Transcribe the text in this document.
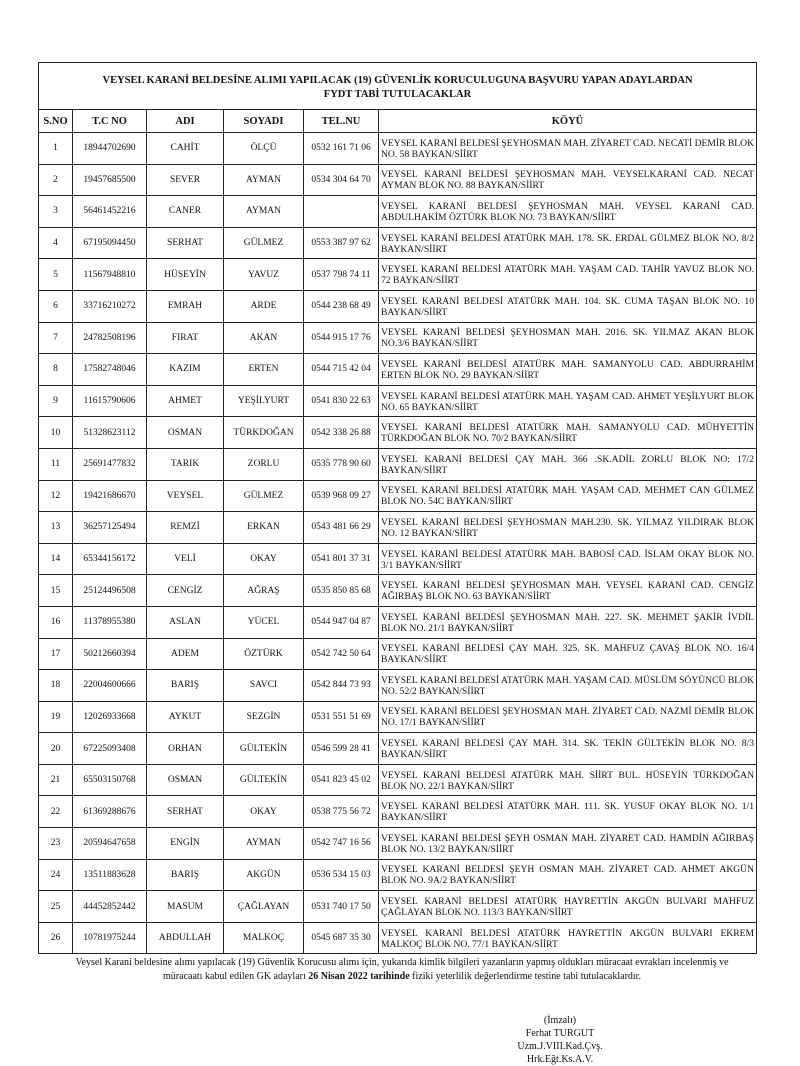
VEYSEL KARANİ BELDESİNE ALIMI YAPILACAK (19) GÜVENLİK KORUCULUGUNA BAŞVURU YAPAN ADAYLARDAN
FYDT TABİ TUTULACAKLAR					

S.NO	T.C NO	ADI	SOYADI	TEL.NU	KÖYÜ
1	18944702690	CAHİT	ÖLÇÜ	0532 161 71 06	VEYSEL KARANİ BELDESİ ŞEYHOSMAN MAH. ZİYARET CAD. NECATİ DEMİR BLOK NO. 58 BAYKAN/SİİRT
2	19457685500	SEVER	AYMAN	0534 304 64 70	VEYSEL KARANİ BELDESİ ŞEYHOSMAN MAH. VEYSELKARANİ CAD. NECAT AYMAN BLOK NO. 88 BAYKAN/SİİRT
3	56461452216	CANER	AYMAN		VEYSEL KARANİ BELDESİ ŞEYHOSMAN MAH. VEYSEL KARANİ CAD. ABDULHAKİM ÖZTÜRK BLOK NO. 73 BAYKAN/SİİRT
4	67195094450	SERHAT	GÜLMEZ	0553 387 97 62	VEYSEL KARANİ BELDESİ ATATÜRK MAH. 178. SK. ERDAL GÜLMEZ BLOK NO. 8/2 BAYKAN/SİİRT
5	11567948810	HÜSEYİN	YAVUZ	0537 798 74 11	VEYSEL KARANİ BELDESİ ATATÜRK MAH. YAŞAM CAD. TAHİR YAVUZ BLOK NO. 72 BAYKAN/SİİRT
6	33716210272	EMRAH	ARDE	0544 238 68 49	VEYSEL KARANİ BELDESİ ATATÜRK MAH. 104. SK. CUMA TAŞAN BLOK NO. 10 BAYKAN/SİİRT
7	24782508196	FIRAT	AKAN	0544 915 17 76	VEYSEL KARANİ BELDESİ ŞEYHOSMAN MAH. 2016. SK. YILMAZ AKAN BLOK NO.3/6 BAYKAN/SİİRT
8	17582748046	KAZIM	ERTEN	0544 715 42 04	VEYSEL KARANİ BELDESİ ATATÜRK MAH. SAMANYOLU CAD. ABDURRAHİM ERTEN BLOK NO. 29 BAYKAN/SİİRT
9	11615790606	AHMET	YEŞİLYURT	0541 830 22 63	VEYSEL KARANİ BELDESİ ATATÜRK MAH. YAŞAM CAD. AHMET YEŞİLYURT BLOK NO. 65 BAYKAN/SİİRT
10	51328623112	OSMAN	TÜRKDOĞAN	0542 338 26 88	VEYSEL KARANİ BELDESİ ATATÜRK MAH. SAMANYOLU CAD. MÜHYETTİN TÜRKDOĞAN BLOK NO. 70/2 BAYKAN/SİİRT
11	25691477832	TARIK	ZORLU	0535 778 90 60	VEYSEL KARANİ BELDESİ ÇAY MAH. 366 .SK.ADİL ZORLU BLOK NO: 17/2 BAYKAN/SİİRT
12	19421686670	VEYSEL	GÜLMEZ	0539 968 09 27	VEYSEL KARANİ BELDESİ ATATÜRK MAH. YAŞAM CAD. MEHMET CAN GÜLMEZ BLOK NO. 54C BAYKAN/SİİRT
13	36257125494	REMZİ	ERKAN	0543 481 66 29	VEYSEL KARANİ BELDESİ ŞEYHOSMAN MAH.230. SK. YILMAZ YILDIRAK BLOK NO. 12 BAYKAN/SİİRT
14	65344156172	VELİ	OKAY	0541 801 37 31	VEYSEL KARANİ BELDESİ ATATÜRK MAH. BABOSİ CAD. İSLAM OKAY BLOK NO. 3/1 BAYKAN/SİİRT
15	25124496508	CENGİZ	AĞRAŞ	0535 850 85 68	VEYSEL KARANİ BELDESİ ŞEYHOSMAN MAH. VEYSEL KARANİ CAD. CENGİZ AĞIRBAŞ BLOK NO. 63 BAYKAN/SİİRT
16	11378955380	ASLAN	YÜCEL	0544 947 04 87	VEYSEL KARANİ BELDESİ ŞEYHOSMAN MAH. 227. SK. MEHMET ŞAKİR İVDİL BLOK NO. 21/1 BAYKAN/SİİRT
17	50212660394	ADEM	ÖZTÜRK	0542 742 50 64	VEYSEL KARANİ BELDESİ ÇAY MAH. 325. SK. MAHFUZ ÇAVAŞ BLOK NO. 16/4 BAYKAN/SİİRT
18	22004600666	BARIŞ	SAVCI	0542 844 73 93	VEYSEL KARANİ BELDESİ ATATÜRK MAH. YAŞAM CAD. MÜSLÜM SÖYÜNCÜ BLOK NO. 52/2 BAYKAN/SİİRT
19	12026933668	AYKUT	SEZGİN	0531 551 51 69	VEYSEL KARANİ BELDESİ ŞEYHOSMAN MAH. ZİYARET CAD. NAZMİ DEMİR BLOK NO. 17/1 BAYKAN/SİİRT
20	67225093408	ORHAN	GÜLTEKİN	0546 599 28 41	VEYSEL KARANİ BELDESİ ÇAY MAH. 314. SK. TEKİN GÜLTEKİN BLOK NO. 8/3 BAYKAN/SİİRT
21	65503150768	OSMAN	GÜLTEKİN	0541 823 45 02	VEYSEL KARANİ BELDESİ ATATÜRK MAH. SİİRT BUL. HÜSEYİN TÜRKDOĞAN BLOK NO. 22/1 BAYKAN/SİİRT
22	61369288676	SERHAT	OKAY	0538 775 56 72	VEYSEL KARANİ BELDESİ ATATÜRK MAH. 111. SK. YUSUF OKAY BLOK NO. 1/1 BAYKAN/SİİRT
23	20594647658	ENGİN	AYMAN	0542 747 16 56	VEYSEL KARANİ BELDESİ ŞEYH OSMAN MAH. ZİYARET CAD. HAMDİN AĞIRBAŞ BLOK NO. 13/2 BAYKAN/SİİRT
24	13511883628	BARIŞ	AKGÜN	0536 534 15 03	VEYSEL KARANİ BELDESİ ŞEYH OSMAN MAH. ZİYARET CAD. AHMET AKGÜN BLOK NO. 9A/2 BAYKAN/SİİRT
25	44452852442	MASUM	ÇAĞLAYAN	0531 740 17 50	VEYSEL KARANİ BELDESİ ATATÜRK HAYRETTİN AKGÜN BULVARI MAHFUZ ÇAĞLAYAN BLOK NO. 113/3 BAYKAN/SİİRT
26	10781975244	ABDULLAH	MALKOÇ	0545 687 35 30	VEYSEL KARANİ BELDESİ ATATÜRK HAYRETTİN AKGÜN BULVARI EKREM MALKOÇ BLOK NO. 77/1 BAYKAN/SİİRT
Veysel Karani beldesine alımı yapılacak (19) Güvenlik Korucusu alımı için, yukarıda kimlik bilgileri yazanların yapmış oldukları müracaat evrakları incelenmiş ve
müracaatı kabul edilen GK adayları 26 Nisan 2022 tarihinde fiziki yeterlilik değerlendirme testine tabi tutulacaklardır.
(İmzalı)
Ferhat TURGUT
Uzm.J.VIII.Kad.Çvş.
Hrk.Eğt.Ks.A.V.
